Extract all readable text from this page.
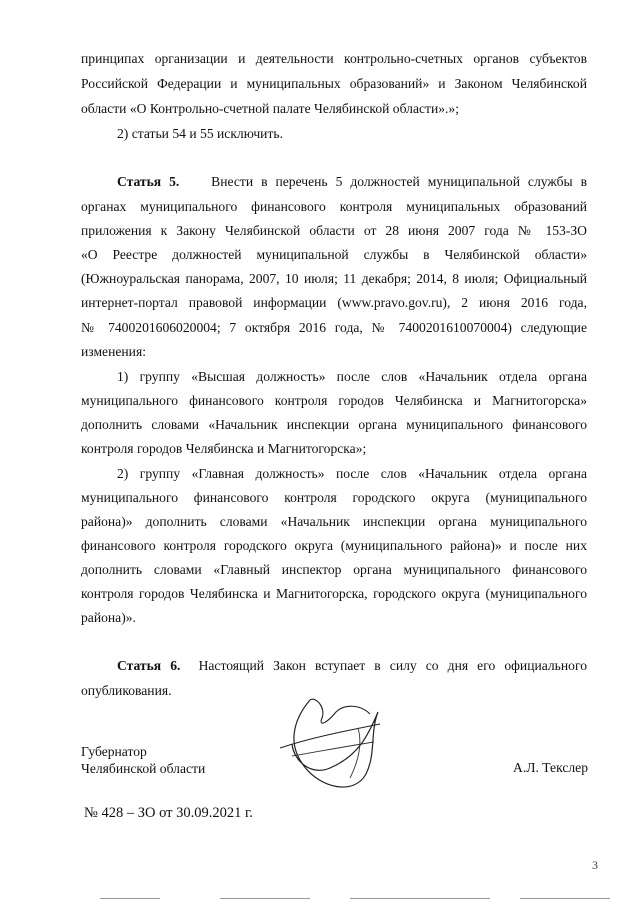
принципах организации и деятельности контрольно-счетных органов субъектов
Российской Федерации и муниципальных образований» и Законом Челябинской
области «О Контрольно-счетной палате Челябинской области».»;
2) статьи 54 и 55 исключить.
Статья 5. Внести в перечень 5 должностей муниципальной службы в
органах муниципального финансового контроля муниципальных образований
приложения к Закону Челябинской области от 28 июня 2007 года № 153-ЗО
«О Реестре должностей муниципальной службы в Челябинской области»
(Южноуральская панорама, 2007, 10 июля; 11 декабря; 2014, 8 июля; Официальный
интернет-портал правовой информации (www.pravo.gov.ru), 2 июня 2016 года,
№ 7400201606020004; 7 октября 2016 года, № 7400201610070004) следующие
изменения:
1) группу «Высшая должность» после слов «Начальник отдела органа
муниципального финансового контроля городов Челябинска и Магнитогорска»
дополнить словами «Начальник инспекции органа муниципального финансового
контроля городов Челябинска и Магнитогорска»;
2) группу «Главная должность» после слов «Начальник отдела органа
муниципального финансового контроля городского округа (муниципального
района)» дополнить словами «Начальник инспекции органа муниципального
финансового контроля городского округа (муниципального района)» и после них
дополнить словами «Главный инспектор органа муниципального финансового
контроля городов Челябинска и Магнитогорска, городского округа (муниципального
района)».
Статья 6. Настоящий Закон вступает в силу со дня его официального
опубликования.
Губернатор
Челябинской области	А.Л. Текслер
№ 428 – ЗО от 30.09.2021 г.
3
